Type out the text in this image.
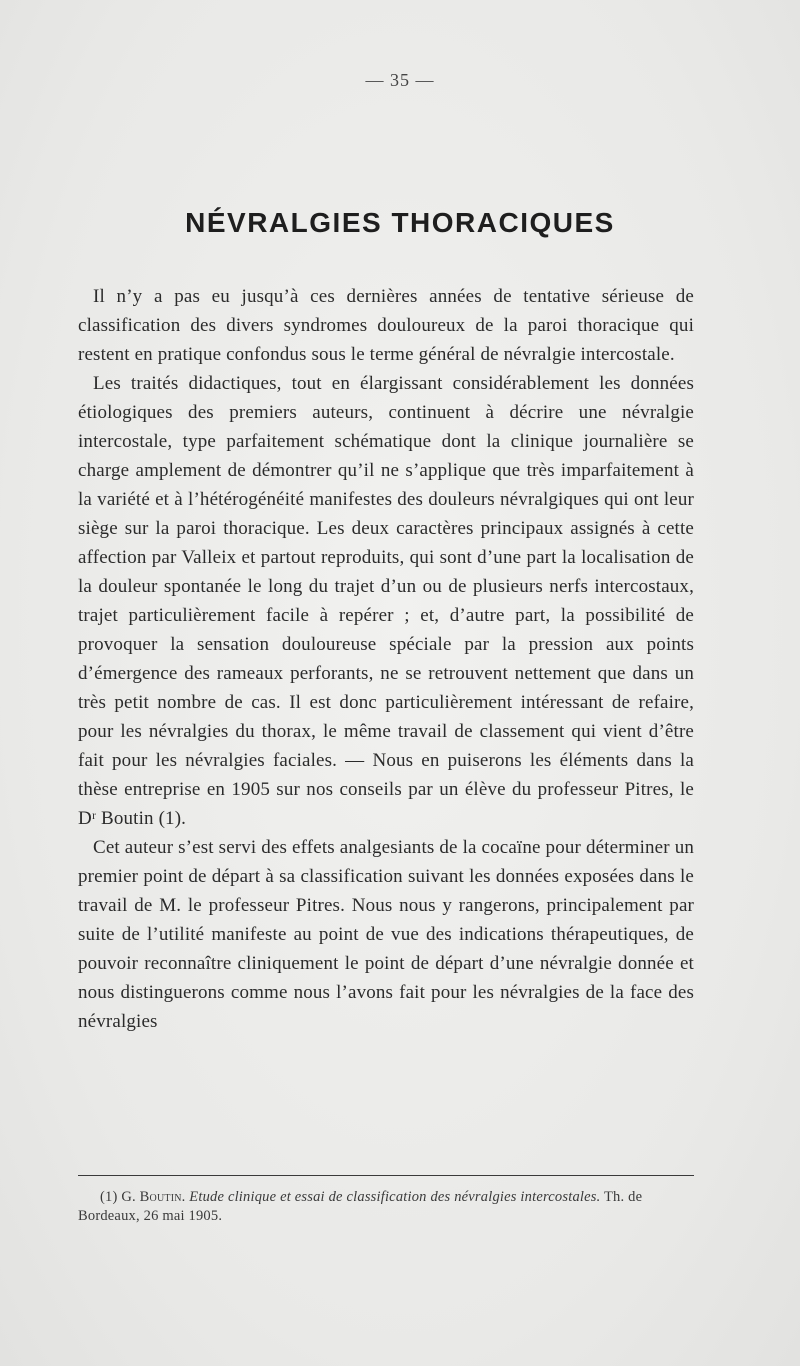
— 35 —
NÉVRALGIES THORACIQUES

Il n’y a pas eu jusqu’à ces dernières années de tentative sérieuse de classification des divers syndromes douloureux de la paroi thoracique qui restent en pratique confondus sous le terme général de névralgie intercostale.

Les traités didactiques, tout en élargissant considérablement les données étiologiques des premiers auteurs, continuent à décrire une névralgie intercostale, type parfaitement schématique dont la clinique journalière se charge amplement de démontrer qu’il ne s’applique que très imparfaitement à la variété et à l’hétérogénéité manifestes des douleurs névralgiques qui ont leur siège sur la paroi thoracique. Les deux caractères principaux assignés à cette affection par Valleix et partout reproduits, qui sont d’une part la localisation de la douleur spontanée le long du trajet d’un ou de plusieurs nerfs intercostaux, trajet particulièrement facile à repérer ; et, d’autre part, la possibilité de provoquer la sensation douloureuse spéciale par la pression aux points d’émergence des rameaux perforants, ne se retrouvent nettement que dans un très petit nombre de cas. Il est donc particulièrement intéressant de refaire, pour les névralgies du thorax, le même travail de classement qui vient d’être fait pour les névralgies faciales. — Nous en puiserons les éléments dans la thèse entreprise en 1905 sur nos conseils par un élève du professeur Pitres, le Dʳ Boutin (1).

Cet auteur s’est servi des effets analgesiants de la cocaïne pour déterminer un premier point de départ à sa classification suivant les données exposées dans le travail de M. le professeur Pitres. Nous nous y rangerons, principalement par suite de l’utilité manifeste au point de vue des indications thérapeutiques, de pouvoir reconnaître cliniquement le point de départ d’une névralgie donnée et nous distinguerons comme nous l’avons fait pour les névralgies de la face des névralgies

(1) G. Boutin. Etude clinique et essai de classification des névralgies intercostales. Th. de Bordeaux, 26 mai 1905.
